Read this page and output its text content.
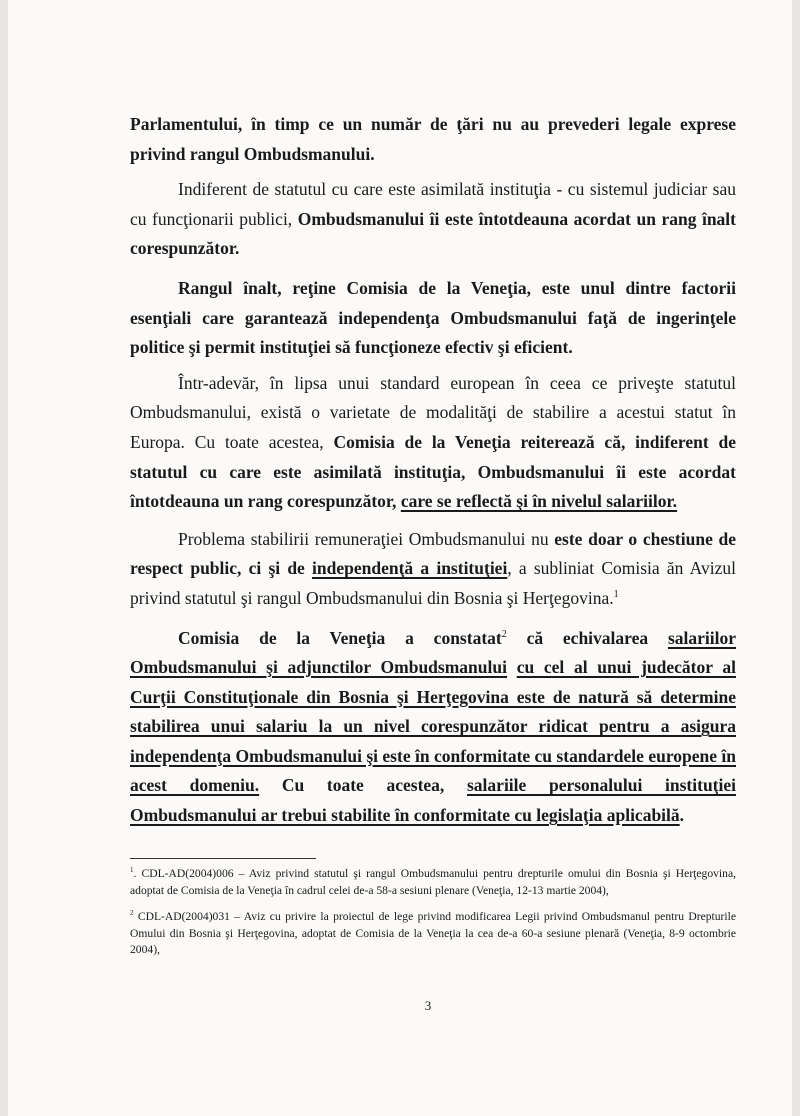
Parlamentului, în timp ce un număr de ţări nu au prevederi legale exprese privind rangul Ombudsmanului.

Indiferent de statutul cu care este asimilată instituţia - cu sistemul judiciar sau cu funcţionarii publici, Ombudsmanului îi este întotdeauna acordat un rang înalt corespunzător.

Rangul înalt, reţine Comisia de la Veneţia, este unul dintre factorii esenţiali care garantează independenţa Ombudsmanului faţă de ingerinţele politice şi permit instituţiei să funcţioneze efectiv şi eficient.

Într-adevăr, în lipsa unui standard european în ceea ce priveşte statutul Ombudsmanului, există o varietate de modalităţi de stabilire a acestui statut în Europa. Cu toate acestea, Comisia de la Veneţia reiterează că, indiferent de statutul cu care este asimilată instituţia, Ombudsmanului îi este acordat întotdeauna un rang corespunzător, care se reflectă şi în nivelul salariilor.

Problema stabilirii remuneraţiei Ombudsmanului nu este doar o chestiune de respect public, ci şi de independenţă a instituţiei, a subliniat Comisia ăn Avizul privind statutul şi rangul Ombudsmanului din Bosnia şi Herţegovina.$^1$

Comisia de la Veneţia a constatat$^2$ că echivalarea salariilor Ombudsmanului şi adjunctilor Ombudsmanului cu cel al unui judecător al Curţii Constituţionale din Bosnia şi Herţegovina este de natură să determine stabilirea unui salariu la un nivel corespunzător ridicat pentru a asigura independenţa Ombudsmanului şi este în conformitate cu standardele europene în acest domeniu. Cu toate acestea, salariile personalului instituţiei Ombudsmanului ar trebui stabilite în conformitate cu legislaţia aplicabilă.

$^1$. CDL-AD(2004)006 – Aviz privind statutul şi rangul Ombudsmanului pentru drepturile omului din Bosnia şi Herţegovina, adoptat de Comisia de la Veneţia în cadrul celei de-a 58-a sesiuni plenare (Veneţia, 12-13 martie 2004),

$^2$ CDL-AD(2004)031 – Aviz cu privire la proiectul de lege privind modificarea Legii privind Ombudsmanul pentru Drepturile Omului din Bosnia şi Herţegovina, adoptat de Comisia de la Veneţia la cea de-a 60-a sesiune plenară (Veneţia, 8-9 octombrie 2004),

3
